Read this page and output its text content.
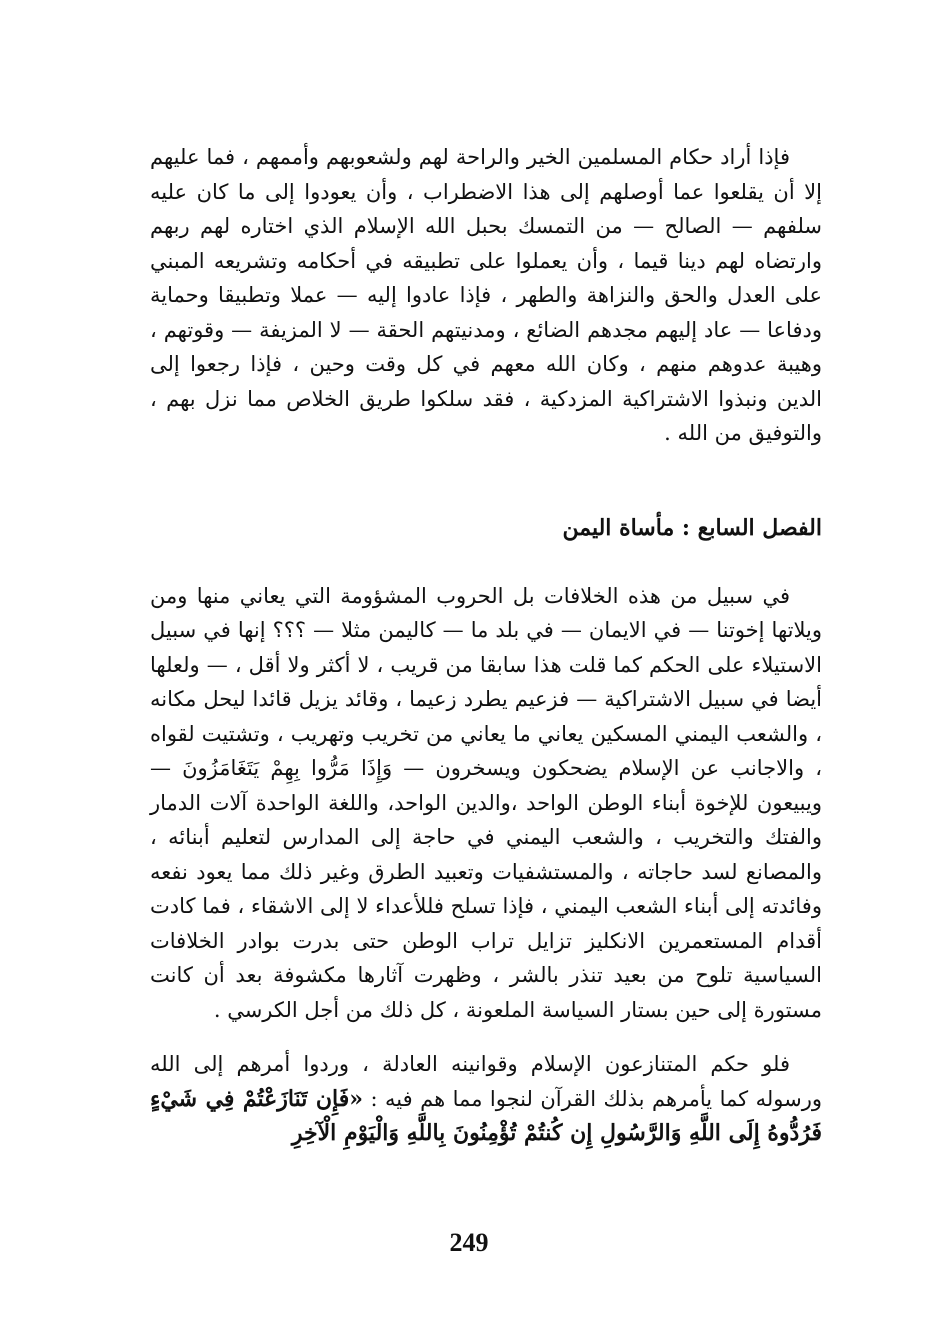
فإذا أراد حكام المسلمين الخير والراحة لهم ولشعوبهم وأممهم ، فما عليهم إلا أن يقلعوا عما أوصلهم إلى هذا الاضطراب ، وأن يعودوا إلى ما كان عليه سلفهم — الصالح — من التمسك بحبل الله الإسلام الذي اختاره لهم ربهم وارتضاه لهم دينا قيما ، وأن يعملوا على تطبيقه في أحكامه وتشريعه المبني على العدل والحق والنزاهة والطهر ، فإذا عادوا إليه — عملا وتطبيقا وحماية ودفاعا — عاد إليهم مجدهم الضائع ، ومدنيتهم الحقة — لا المزيفة — وقوتهم ، وهيبة عدوهم منهم ، وكان الله معهم في كل وقت وحين ، فإذا رجعوا إلى الدين ونبذوا الاشتراكية المزدكية ، فقد سلكوا طريق الخلاص مما نزل بهم ، والتوفيق من الله .

الفصل السابع : مأساة اليمن

في سبيل من هذه الخلافات بل الحروب المشؤومة التي يعاني منها ومن ويلاتها إخوتنا — في الايمان — في بلد ما — كاليمن مثلا — ؟؟؟ إنها في سبيل الاستيلاء على الحكم كما قلت هذا سابقا من قريب ، لا أكثر ولا أقل ، — ولعلها أيضا في سبيل الاشتراكية — فزعيم يطرد زعيما ، وقائد يزيل قائدا ليحل مكانه ، والشعب اليمني المسكين يعاني ما يعاني من تخريب وتهريب ، وتشتيت لقواه ، والاجانب عن الإسلام يضحكون ويسخرون — وَإِذَا مَرُّوا بِهِمْ يَتَغَامَزُونَ — ويبيعون للإخوة أبناء الوطن الواحد ،والدين الواحد، واللغة الواحدة آلات الدمار والفتك والتخريب ، والشعب اليمني في حاجة إلى المدارس لتعليم أبنائه ، والمصانع لسد حاجاته ، والمستشفيات وتعبيد الطرق وغير ذلك مما يعود نفعه وفائدته إلى أبناء الشعب اليمني ، فإذا تسلح فللأعداء لا إلى الاشقاء ، فما كادت أقدام المستعمرين الانكليز تزايل تراب الوطن حتى بدرت بوادر الخلافات السياسية تلوح من بعيد تنذر بالشر ، وظهرت آثارها مكشوفة بعد أن كانت مستورة إلى حين بستار السياسة الملعونة ، كل ذلك من أجل الكرسي .

فلو حكم المتنازعون الإسلام وقوانينه العادلة ، وردوا أمرهم إلى الله ورسوله كما يأمرهم بذلك القرآن لنجوا مما هم فيه : «فَإِن تَنَازَعْتُمْ فِي شَيْءٍ فَرُدُّوهُ إِلَى اللَّهِ وَالرَّسُولِ إِن كُنتُمْ تُؤْمِنُونَ بِاللَّهِ وَالْيَوْمِ الْآخِرِ

249
